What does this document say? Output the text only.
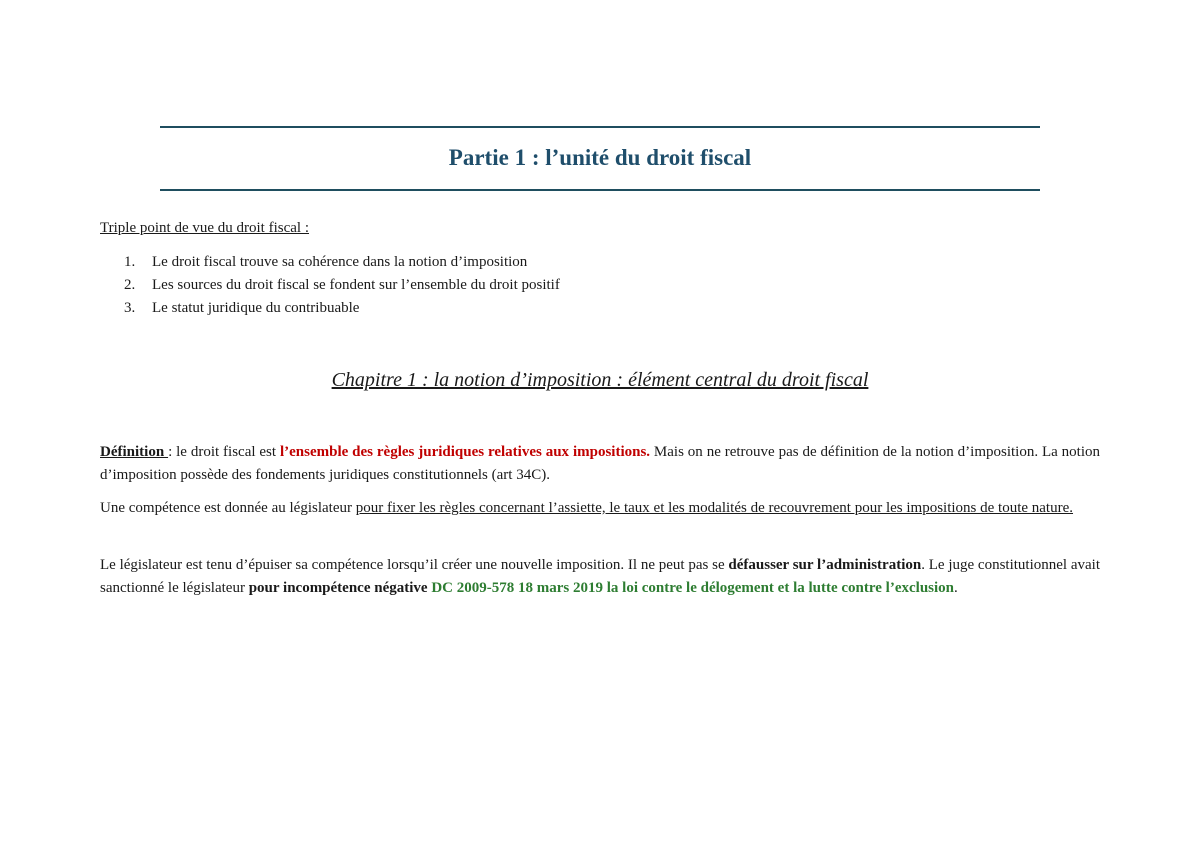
Partie 1 : l’unité du droit fiscal
Triple point de vue du droit fiscal :
1. Le droit fiscal trouve sa cohérence dans la notion d’imposition
2. Les sources du droit fiscal se fondent sur l’ensemble du droit positif
3. Le statut juridique du contribuable
Chapitre 1 : la notion d’imposition : élément central du droit fiscal

Définition : le droit fiscal est l’ensemble des règles juridiques relatives aux impositions. Mais on ne retrouve pas de définition de la notion d’imposition. La notion d’imposition possède des fondements juridiques constitutionnels (art 34C).

Une compétence est donnée au législateur pour fixer les règles concernant l’assiette, le taux et les modalités de recouvrement pour les impositions de toute nature.

Le législateur est tenu d’épuiser sa compétence lorsqu’il créer une nouvelle imposition. Il ne peut pas se défausser sur l’administration. Le juge constitutionnel avait sanctionné le législateur pour incompétence négative DC 2009-578 18 mars 2019 la loi contre le délogement et la lutte contre l’exclusion.
